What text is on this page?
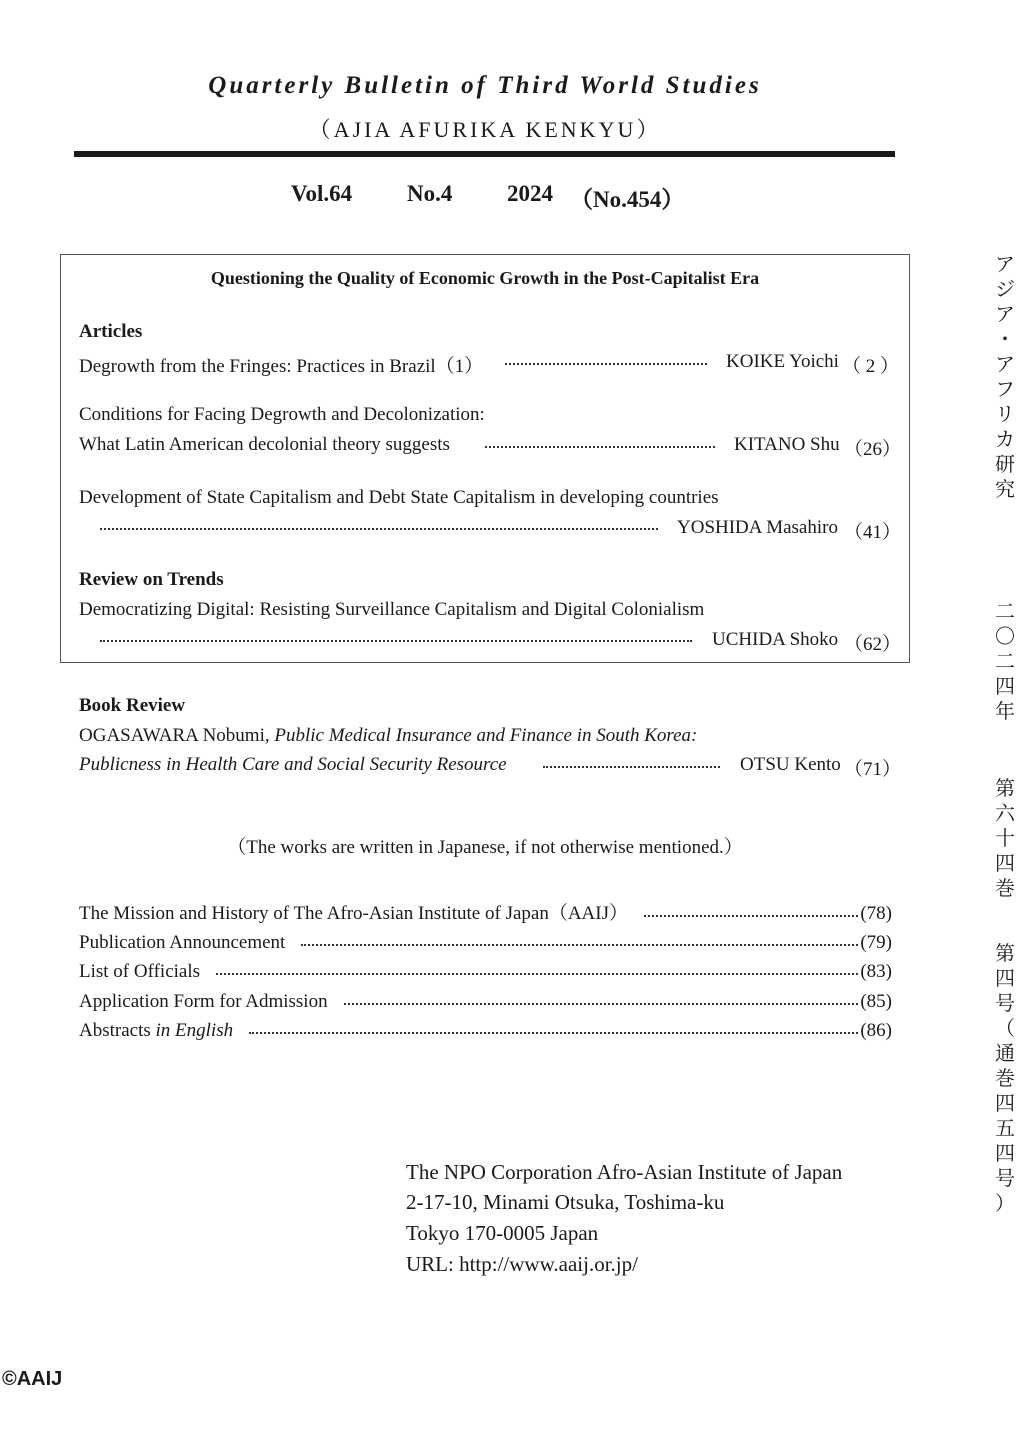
Quarterly Bulletin of Third World Studies
（AJIA AFURIKA KENKYU）
Vol.64 No.4 2024 （No.454）
Questioning the Quality of Economic Growth in the Post-Capitalist Era
Articles
Degrowth from the Fringes: Practices in Brazil（1）	KOIKE Yoichi （ 2 ）
Conditions for Facing Degrowth and Decolonization:
What Latin American decolonial theory suggests	KITANO Shu （26）
Development of State Capitalism and Debt State Capitalism in developing countries
YOSHIDA Masahiro （41）
Review on Trends
Democratizing Digital: Resisting Surveillance Capitalism and Digital Colonialism
UCHIDA Shoko （62）
Book Review
OGASAWARA Nobumi, Public Medical Insurance and Finance in South Korea:
Publicness in Health Care and Social Security Resource	OTSU Kento （71）
（The works are written in Japanese, if not otherwise mentioned.）
The Mission and History of The Afro-Asian Institute of Japan（AAIJ）	(78)
Publication Announcement	(79)
List of Officials	(83)
Application Form for Admission	(85)
Abstracts in English	(86)
The NPO Corporation Afro-Asian Institute of Japan
2-17-10, Minami Otsuka, Toshima-ku
Tokyo 170-0005 Japan
URL: http://www.aaij.or.jp/
©AAIJ
ア
ジ
ア
・
ア
フ
リ
カ
研
究
二
〇
二
四
年
第
六
十
四
巻
第
四
号
（
通
巻
四
五
四
号
）
